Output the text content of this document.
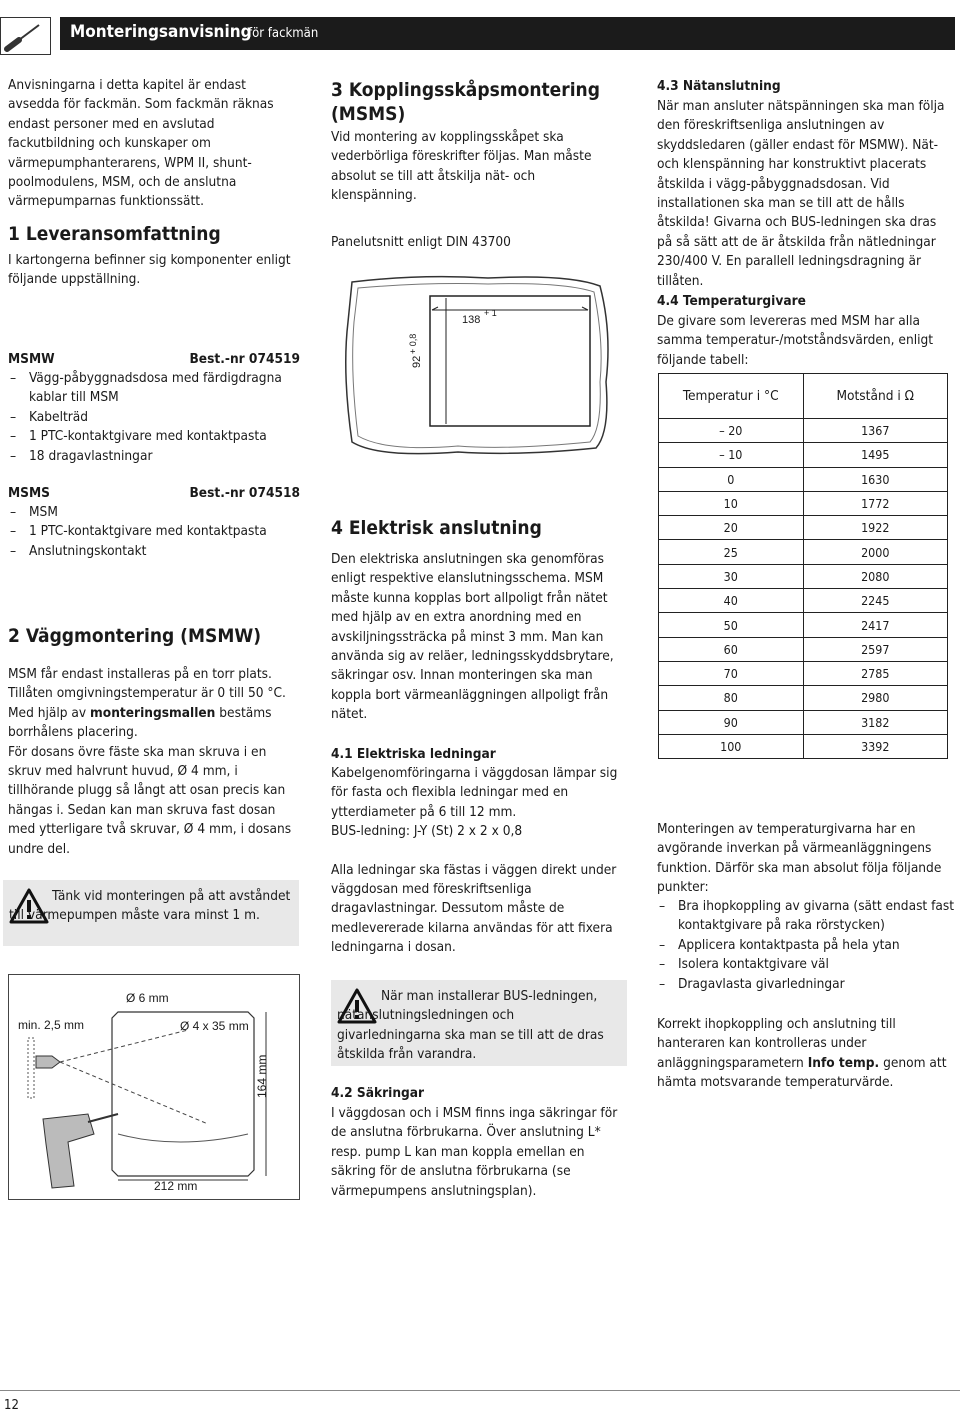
Monteringsanvisning
för fackmän

Anvisningarna i detta kapitel är endast avsedda för fackmän. Som fackmän räknas endast personer med en avslutad fackutbildning och kunskaper om värmepumphanterarens, WPM II, shunt-poolmodulens, MSM, och de anslutna värmepumparnas funktionssätt.

1 Leveransomfattning

I kartongerna befinner sig komponenter enligt följande uppställning.

MSMW	Best.-nr 074519
– Vägg-påbyggnadsdosa med färdigdragna kablar till MSM
– Kabelträd
– 1 PTC-kontaktgivare med kontaktpasta
– 18 dragavlastningar
MSMS	Best.-nr 074518
– MSM
– 1 PTC-kontaktgivare med kontaktpasta
– Anslutningskontakt
2 Väggmontering (MSMW)

MSM får endast installeras på en torr plats.

Tillåten omgivningstemperatur är 0 till 50 °C.

Med hjälp av monteringsmallen bestäms borrhålens placering.

För dosans övre fäste ska man skruva i en skruv med halvrunt huvud, Ø 4 mm, i tillhörande plugg så långt att osan precis kan hängas i. Sedan kan man skruva fast dosan med ytterligare två skruvar, Ø 4 mm, i dosans undre del.

Tänk vid monteringen på att avståndet till värmepumpen måste vara minst 1 m.

min. 2,5 mm
Ø 6 mm
Ø 4 x 35 mm
164 mm
212 mm
3 Kopplingsskåpsmontering (MSMS)

Vid montering av kopplingsskåpet ska vederbörliga föreskrifter följas. Man måste absolut se till att åtskilja nät- och klenspänning.

Panelutsnitt enligt DIN 43700

138
+ 1
92
+ 0,8
4 Elektrisk anslutning

Den elektriska anslutningen ska genomföras enligt respektive elanslutningsschema. MSM måste kunna kopplas bort allpoligt från nätet med hjälp av en extra anordning med en avskiljningssträcka på minst 3 mm. Man kan använda sig av reläer, ledningsskyddsbrytare, säkringar osv. Innan monteringen ska man koppla bort värmeanläggningen allpoligt från nätet.

4.1 Elektriska ledningar

Kabelgenomföringarna i väggdosan lämpar sig för fasta och flexibla ledningar med en ytterdiameter på 6 till 12 mm.

BUS-ledning: J-Y (St) 2 x 2 x 0,8

Alla ledningar ska fästas i väggen direkt under väggdosan med föreskriftsenliga dragavlastningar. Dessutom måste de medlevererade kilarna användas för att fixera ledningarna i dosan.

När man installerar BUS-ledningen, nätanslutningsledningen och givarledningarna ska man se till att de dras åtskilda från varandra.

4.2 Säkringar

I väggdosan och i MSM finns inga säkringar för de anslutna förbrukarna. Över anslutning L* resp. pump L kan man koppla emellan en säkring för de anslutna förbrukarna (se värmepumpens anslutningsplan).

4.3 Nätanslutning

När man ansluter nätspänningen ska man följa den föreskriftsenliga anslutningen av skyddsledaren (gäller endast för MSMW). Nät- och klenspänning har konstruktivt placerats åtskilda i vägg-påbyggnadsdosan. Vid installationen ska man se till att de hålls åtskilda! Givarna och BUS-ledningen ska dras på så sätt att de är åtskilda från nätledningar 230/400 V. En parallell ledningsdragning är tillåten.

4.4 Temperaturgivare

De givare som levereras med MSM har alla samma temperatur-/motståndsvärden, enligt följande tabell:

Temperatur i °C	Motstånd i Ω
– 20	1367
– 10	1495
0	1630
10	1772
20	1922
25	2000
30	2080
40	2245
50	2417
60	2597
70	2785
80	2980
90	3182
100	3392

Monteringen av temperaturgivarna har en avgörande inverkan på värmeanläggningens funktion. Därför ska man absolut följa följande punkter:

– Bra ihopkoppling av givarna (sätt endast fast kontaktgivare på raka rörstycken)
– Applicera kontaktpasta på hela ytan
– Isolera kontaktgivare väl
– Dragavlasta givarledningar

Korrekt ihopkoppling och anslutning till hanteraren kan kontrolleras under anläggningsparametern Info temp. genom att hämta motsvarande temperaturvärde.

12
